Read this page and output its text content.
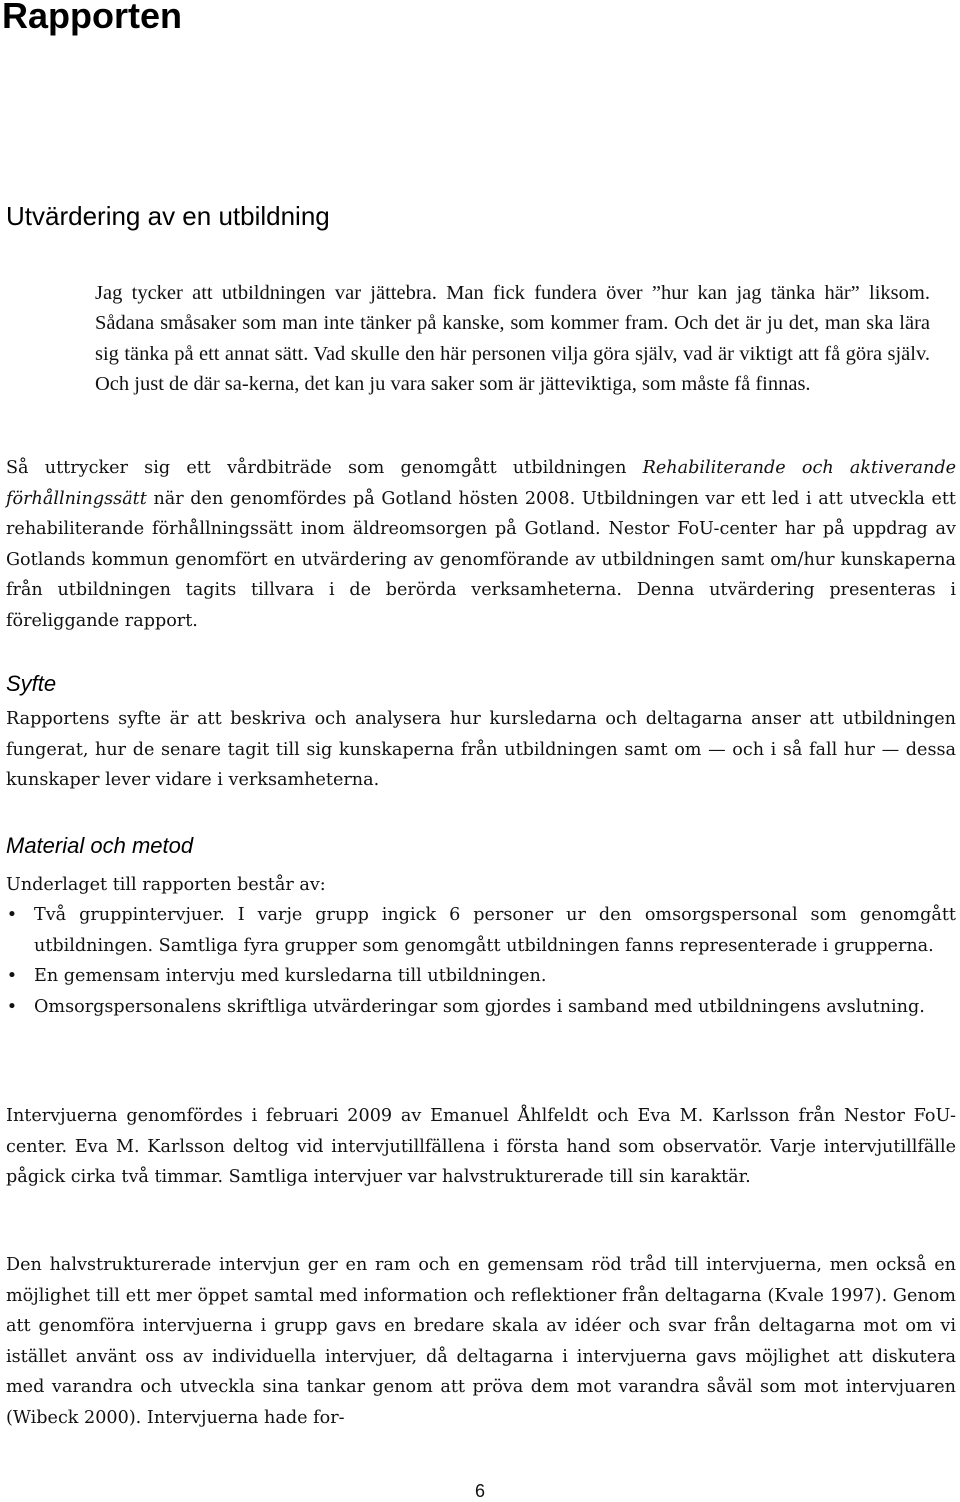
Rapporten
Utvärdering av en utbildning

Jag tycker att utbildningen var jättebra. Man fick fundera över ”hur kan jag tänka här” liksom. Sådana småsaker som man inte tänker på kanske, som kommer fram. Och det är ju det, man ska lära sig tänka på ett annat sätt. Vad skulle den här personen vilja göra själv, vad är viktigt att få göra själv. Och just de där sa-kerna, det kan ju vara saker som är jätteviktiga, som måste få finnas.

Så uttrycker sig ett vårdbiträde som genomgått utbildningen Rehabiliterande och aktiverande förhållningssätt när den genomfördes på Gotland hösten 2008. Utbildningen var ett led i att utveckla ett rehabiliterande förhållningssätt inom äldreomsorgen på Gotland. Nestor FoU-center har på uppdrag av Gotlands kommun genomfört en utvärdering av genomförande av utbildningen samt om/hur kunskaperna från utbildningen tagits tillvara i de berörda verksamheterna. Denna utvärdering presenteras i föreliggande rapport.

Syfte

Rapportens syfte är att beskriva och analysera hur kursledarna och deltagarna anser att utbildningen fungerat, hur de senare tagit till sig kunskaperna från utbildningen samt om — och i så fall hur — dessa kunskaper lever vidare i verksamheterna.

Material och metod

Underlaget till rapporten består av:

• Två gruppintervjuer. I varje grupp ingick 6 personer ur den omsorgspersonal som genomgått utbildningen. Samtliga fyra grupper som genomgått utbildningen fanns representerade i grupperna.
• En gemensam intervju med kursledarna till utbildningen.
• Omsorgspersonalens skriftliga utvärderingar som gjordes i samband med utbildningens avslutning.

Intervjuerna genomfördes i februari 2009 av Emanuel Åhlfeldt och Eva M. Karlsson från Nestor FoU-center. Eva M. Karlsson deltog vid intervjutillfällena i första hand som observatör. Varje intervjutillfälle pågick cirka två timmar. Samtliga intervjuer var halvstrukturerade till sin karaktär.

Den halvstrukturerade intervjun ger en ram och en gemensam röd tråd till intervjuerna, men också en möjlighet till ett mer öppet samtal med information och reflektioner från deltagarna (Kvale 1997). Genom att genomföra intervjuerna i grupp gavs en bredare skala av idéer och svar från deltagarna mot om vi istället använt oss av individuella intervjuer, då deltagarna i intervjuerna gavs möjlighet att diskutera med varandra och utveckla sina tankar genom att pröva dem mot varandra såväl som mot intervjuaren (Wibeck 2000). Intervjuerna hade for-

6
